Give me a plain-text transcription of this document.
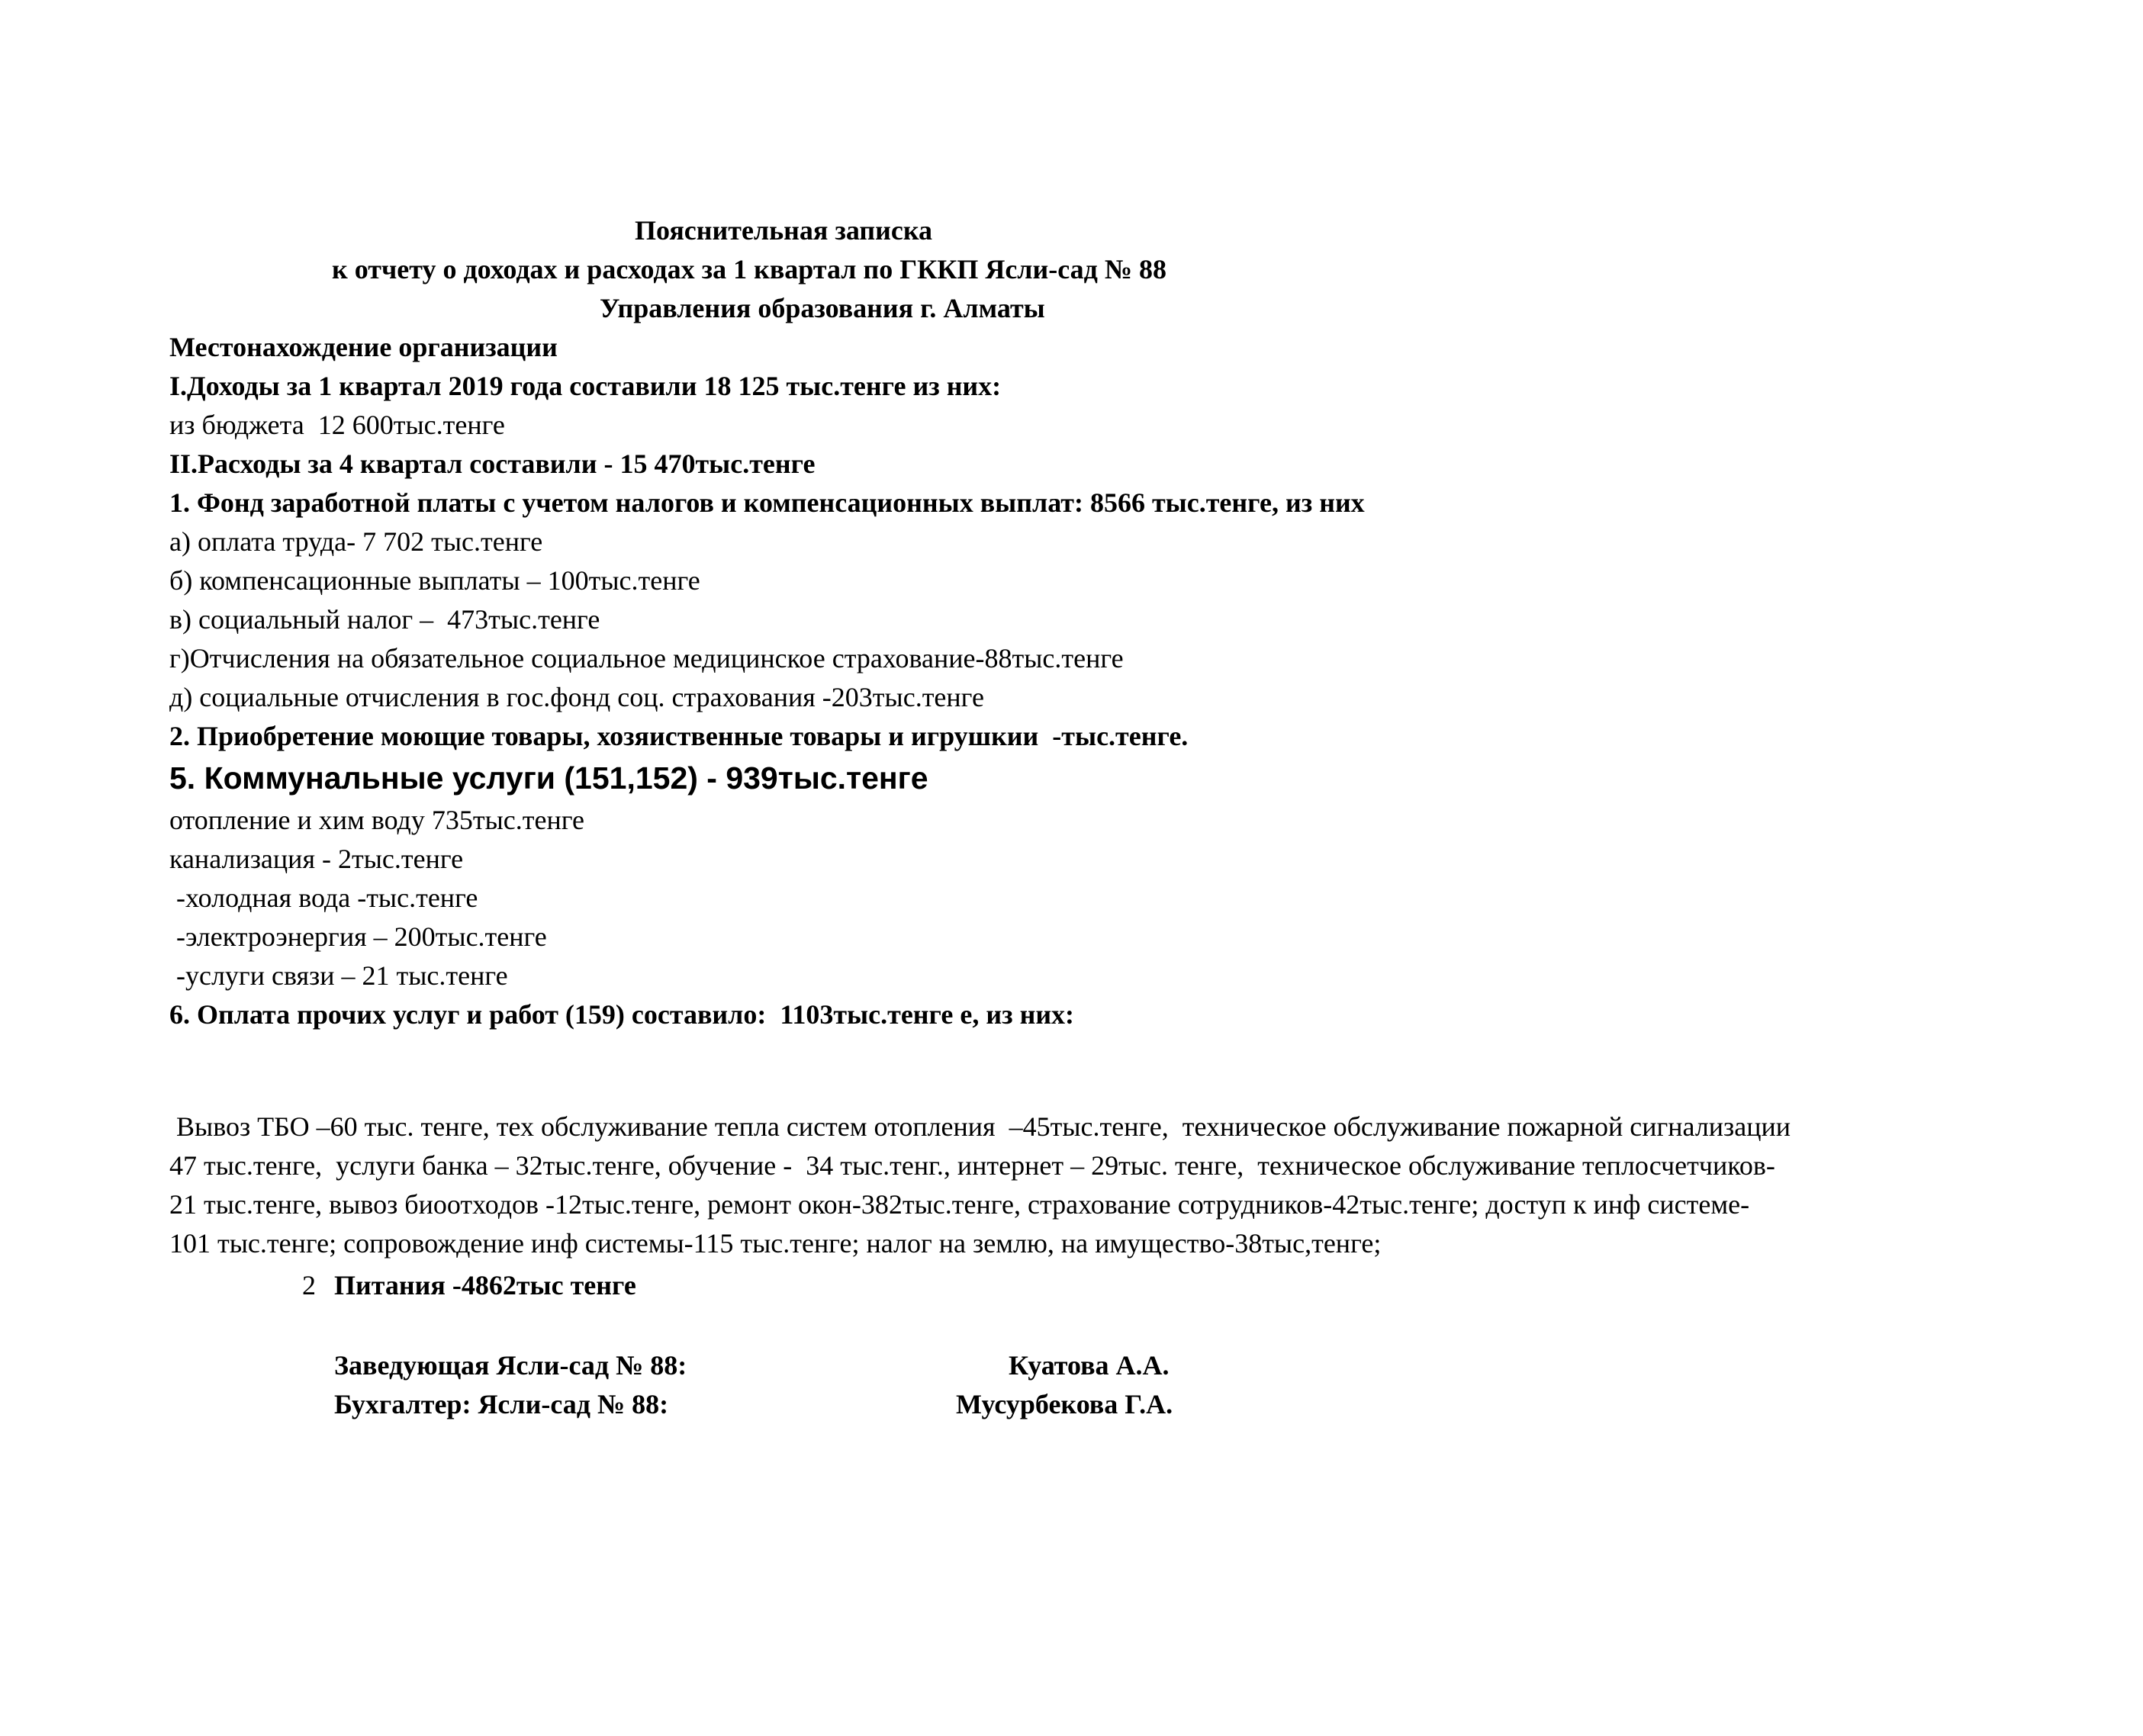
Пояснительная записка
к отчету о доходах и расходах за 1 квартал по ГККП Ясли-сад № 88
Управления образования г. Алматы
Местонахождение организации
I.Доходы за 1 квартал 2019 года составили 18 125 тыс.тенге из них:
из бюджета  12 600тыс.тенге
II.Расходы за 4 квартал составили - 15 470тыс.тенге
1. Фонд заработной платы с учетом налогов и компенсационных выплат: 8566 тыс.тенге, из них
а) оплата труда- 7 702 тыс.тенге
б) компенсационные выплаты – 100тыс.тенге
в) социальный налог –  473тыс.тенге
г)Отчисления на обязательное социальное медицинское страхование-88тыс.тенге
д) социальные отчисления в гос.фонд соц. страхования -203тыс.тенге
2. Приобретение моющие товары, хозяиственные товары и игрушкии  -тыс.тенге.
5. Коммунальные услуги (151,152) - 939тыс.тенге
отопление и хим воду 735тыс.тенге
канализация - 2тыс.тенге
-холодная вода -тыс.тенге
-электроэнергия – 200тыс.тенге
-услуги связи – 21 тыс.тенге
6. Оплата прочих услуг и работ (159) составило:  1103тыс.тенге е, из них:
Вывоз ТБО –60 тыс. тенге, тех обслуживание тепла систем отопления  –45тыс.тенге,  техническое обслуживание пожарной сигнализации
47 тыс.тенге,  услуги банка – 32тыс.тенге, обучение -  34 тыс.тенг., интернет – 29тыс. тенге,  техническое обслуживание теплосчетчиков-
21 тыс.тенге, вывоз биоотходов -12тыс.тенге, ремонт окон-382тыс.тенге, страхование сотрудников-42тыс.тенге; доступ к инф системе-
101 тыс.тенге; сопровождение инф системы-115 тыс.тенге; налог на землю, на имущество-38тыс,тенге;
2 Питания -4862тыс тенге
Заведующая Ясли-сад № 88:	Куатова А.А.
Бухгалтер: Ясли-сад № 88:	Мусурбекова Г.А.
